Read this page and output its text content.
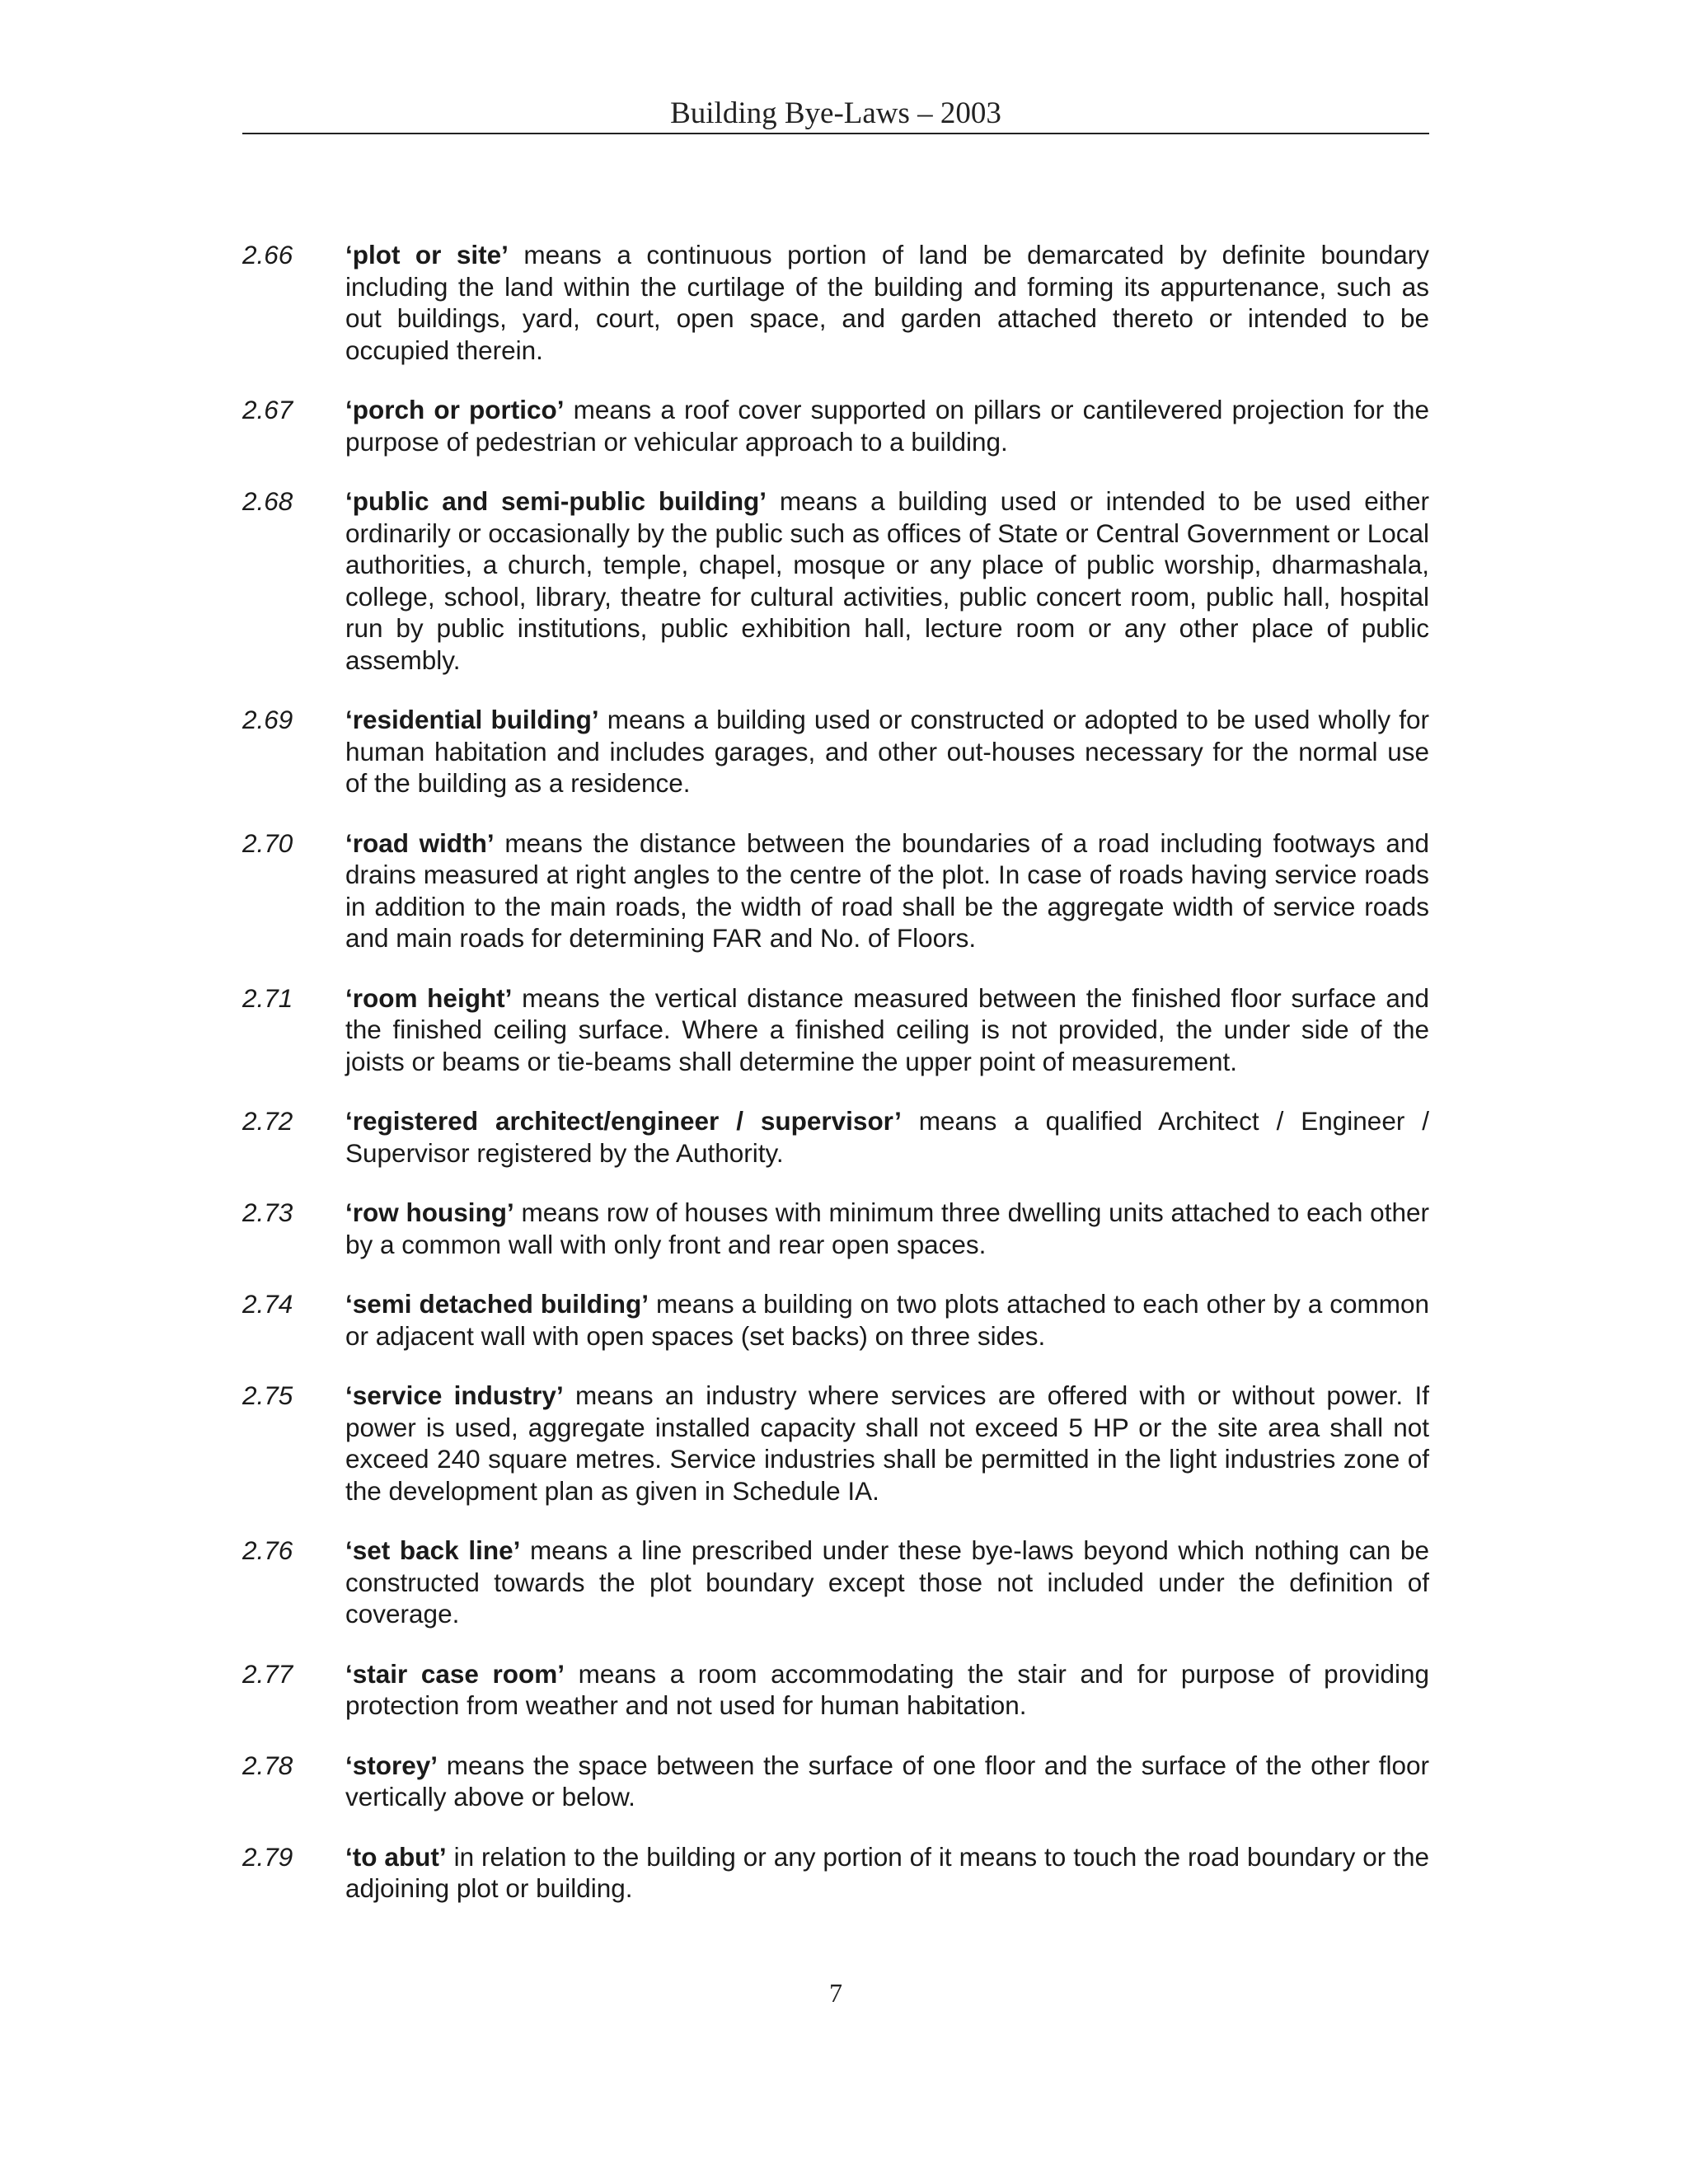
Building Bye-Laws – 2003
2.66	‘plot or site’ means a continuous portion of land be demarcated by definite boundary including the land within the curtilage of the building and forming its appurtenance, such as out buildings, yard, court, open space, and garden attached thereto or intended to be occupied therein.
2.67	‘porch or portico’ means a roof cover supported on pillars or cantilevered projection for the purpose of pedestrian or vehicular approach to a building.
2.68	‘public and semi-public building’ means a building used or intended to be used either ordinarily or occasionally by the public such as offices of State or Central Government or Local authorities, a church, temple, chapel, mosque or any place of public worship, dharmashala, college, school, library, theatre for cultural activities, public concert room, public hall, hospital run by public institutions, public exhibition hall, lecture room or any other place of public assembly.
2.69	‘residential building’ means a building used or constructed or adopted to be used wholly for human habitation and includes garages, and other out-houses necessary for the normal use of the building as a residence.
2.70	‘road width’ means the distance between the boundaries of a road including footways and drains measured at right angles to the centre of the plot. In case of roads having service roads in addition to the main roads, the width of road shall be the aggregate width of service roads and main roads for determining FAR and No. of Floors.
2.71	‘room height’ means the vertical distance measured between the finished floor surface and the finished ceiling surface. Where a finished ceiling is not provided, the under side of the joists or beams or tie-beams shall determine the upper point of measurement.
2.72	‘registered architect/engineer / supervisor’ means a qualified Architect / Engineer / Supervisor registered by the Authority.
2.73	‘row housing’ means row of houses with minimum three dwelling units attached to each other by a common wall with only front and rear open spaces.
2.74	‘semi detached building’ means a building on two plots attached to each other by a common or adjacent wall with open spaces (set backs) on three sides.
2.75	‘service industry’ means an industry where services are offered with or without power. If power is used, aggregate installed capacity shall not exceed 5 HP or the site area shall not exceed 240 square metres. Service industries shall be permitted in the light industries zone of the development plan as given in Schedule IA.
2.76	‘set back line’ means a line prescribed under these bye-laws beyond which nothing can be constructed towards the plot boundary except those not included under the definition of coverage.
2.77	‘stair case room’ means a room accommodating the stair and for purpose of providing protection from weather and not used for human habitation.
2.78	‘storey’ means the space between the surface of one floor and the surface of the other floor vertically above or below.
2.79	‘to abut’ in relation to the building or any portion of it means to touch the road boundary or the adjoining plot or building.
7
